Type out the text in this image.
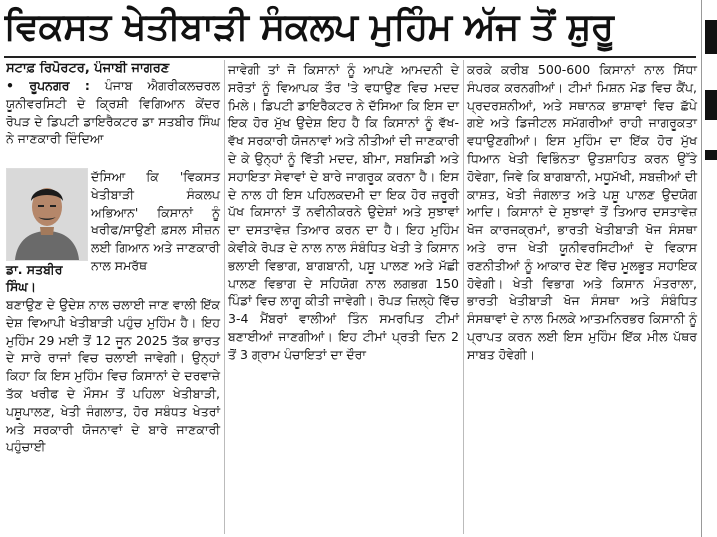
ਵਿਕਸਤ ਖੇਤੀਬਾੜੀ ਸੰਕਲਪ ਮੁਹਿੰਮ ਅੱਜ ਤੋਂ ਸ਼ੁਰੂ
ਸਟਾਫ਼ ਰਿਪੋਰਟਰ, ਪੰਜਾਬੀ ਜਾਗਰਣ

• ਰੂਪਨਗਰ : ਪੰਜਾਬ ਐਗਰੀਕਲਚਰਲ ਯੂਨੀਵਰਸਿਟੀ ਦੇ ਕ੍ਰਿਸ਼ੀ ਵਿਗਿਆਨ ਕੇਂਦਰ ਰੋਪੜ ਦੇ ਡਿਪਟੀ ਡਾਇਰੈਕਟਰ ਡਾ ਸਤਬੀਰ ਸਿੰਘ ਨੇ ਜਾਣਕਾਰੀ ਦਿੰਦਿਆ

ਡਾ. ਸਤਬੀਰ ਸਿੰਘ।

ਦੱਸਿਆ ਕਿ 'ਵਿਕਸਤ ਖੇਤੀਬਾੜੀ ਸੰਕਲਪ ਅਭਿਆਨ' ਕਿਸਾਨਾਂ ਨੂੰ ਖਰੀਫ/ਸਾਉਣੀ ਫ਼ਸਲ ਸੀਜ਼ਨ ਲਈ ਗਿਆਨ ਅਤੇ ਜਾਣਕਾਰੀ ਨਾਲ ਸਮਰੱਥ

ਬਣਾਉਣ ਦੇ ਉਦੇਸ਼ ਨਾਲ ਚਲਾਈ ਜਾਣ ਵਾਲੀ ਇੱਕ ਦੇਸ਼ ਵਿਆਪੀ ਖੇਤੀਬਾੜੀ ਪਹੁੰਚ ਮੁਹਿੰਮ ਹੈ। ਇਹ ਮੁਹਿੰਮ 29 ਮਈ ਤੋਂ 12 ਜੂਨ 2025 ਤੱਕ ਭਾਰਤ ਦੇ ਸਾਰੇ ਰਾਜਾਂ ਵਿਚ ਚਲਾਈ ਜਾਵੇਗੀ। ਉਨ੍ਹਾਂ ਕਿਹਾ ਕਿ ਇਸ ਮੁਹਿੰਮ ਵਿਚ ਕਿਸਾਨਾਂ ਦੇ ਦਰਵਾਜ਼ੇ ਤੱਕ ਖਰੀਫ ਦੇ ਮੌਸਮ ਤੋਂ ਪਹਿਲਾ ਖੇਤੀਬਾੜੀ, ਪਸ਼ੂਪਾਲਣ, ਖੇਤੀ ਜੰਗਲਾਤ, ਹੋਰ ਸਬੰਧਤ ਖੇਤਰਾਂ ਅਤੇ ਸਰਕਾਰੀ ਯੋਜਨਾਵਾਂ ਦੇ ਬਾਰੇ ਜਾਣਕਾਰੀ ਪਹੁੰਚਾਈ

ਜਾਵੇਗੀ ਤਾਂ ਜੋ ਕਿਸਾਨਾਂ ਨੂੰ ਆਪਣੇ ਆਮਦਨੀ ਦੇ ਸਰੋਤਾਂ ਨੂੰ ਵਿਆਪਕ ਤੌਰ 'ਤੇ ਵਧਾਉਣ ਵਿਚ ਮਦਦ ਮਿਲੇ। ਡਿਪਟੀ ਡਾਇਰੈਕਟਰ ਨੇ ਦੱਸਿਆ ਕਿ ਇਸ ਦਾ ਇਕ ਹੋਰ ਮੁੱਖ ਉਦੇਸ਼ ਇਹ ਹੈ ਕਿ ਕਿਸਾਨਾਂ ਨੂੰ ਵੱਖ-ਵੱਖ ਸਰਕਾਰੀ ਯੋਜਨਾਵਾਂ ਅਤੇ ਨੀਤੀਆਂ ਦੀ ਜਾਣਕਾਰੀ ਦੇ ਕੇ ਉਨ੍ਹਾਂ ਨੂੰ ਵਿੱਤੀ ਮਦਦ, ਬੀਮਾ, ਸਬਸਿਡੀ ਅਤੇ ਸਹਾਇਤਾ ਸੇਵਾਵਾਂ ਦੇ ਬਾਰੇ ਜਾਗਰੂਕ ਕਰਨਾ ਹੈ। ਇਸ ਦੇ ਨਾਲ ਹੀ ਇਸ ਪਹਿਲਕਦਮੀ ਦਾ ਇਕ ਹੋਰ ਜ਼ਰੂਰੀ ਪੱਖ ਕਿਸਾਨਾਂ ਤੋਂ ਨਵੀਨੀਕਰਨੇ ਉਦੇਸ਼ਾਂ ਅਤੇ ਸੁਝਾਵਾਂ ਦਾ ਦਸਤਾਵੇਜ਼ ਤਿਆਰ ਕਰਨ ਦਾ ਹੈ। ਇਹ ਮੁਹਿੰਮ ਕੇਵੀਕੇ ਰੋਪੜ ਦੇ ਨਾਲ ਨਾਲ ਸੰਬੰਧਿਤ ਖੇਤੀ ਤੇ ਕਿਸਾਨ ਭਲਾਈ ਵਿਭਾਗ, ਬਾਗਬਾਨੀ, ਪਸ਼ੂ ਪਾਲਣ ਅਤੇ ਮੱਛੀ ਪਾਲਣ ਵਿਭਾਗ ਦੇ ਸਹਿਯੋਗ ਨਾਲ ਲਗਭਗ 150 ਪਿੰਡਾਂ ਵਿਚ ਲਾਗੂ ਕੀਤੀ ਜਾਵੇਗੀ। ਰੋਪੜ ਜ਼ਿਲ੍ਹੇ ਵਿੱਚ 3-4 ਮੈਂਬਰਾਂ ਵਾਲੀਆਂ ਤਿੰਨ ਸਮਰਪਿਤ ਟੀਮਾਂ ਬਣਾਈਆਂ ਜਾਣਗੀਆਂ। ਇਹ ਟੀਮਾਂ ਪ੍ਰਤੀ ਦਿਨ 2 ਤੋਂ 3 ਗ੍ਰਾਮ ਪੰਚਾਇਤਾਂ ਦਾ ਦੌਰਾ

ਕਰਕੇ ਕਰੀਬ 500-600 ਕਿਸਾਨਾਂ ਨਾਲ ਸਿੱਧਾ ਸੰਪਰਕ ਕਰਨਗੀਆਂ। ਟੀਮਾਂ ਮਿਸ਼ਨ ਮੋਡ ਵਿਚ ਕੈਂਪ, ਪ੍ਰਦਰਸ਼ਨੀਆਂ, ਅਤੇ ਸਥਾਨਕ ਭਾਸ਼ਾਵਾਂ ਵਿਚ ਛੱਪੇ ਗਏ ਅਤੇ ਡਿਜੀਟਲ ਸਮੱਗਰੀਆਂ ਰਾਹੀ ਜਾਗਰੂਕਤਾ ਵਧਾਉਣਗੀਆਂ। ਇਸ ਮੁਹਿੰਮ ਦਾ ਇੱਕ ਹੋਰ ਮੁੱਖ ਧਿਆਨ ਖੇਤੀ ਵਿਭਿੰਨਤਾ ਉਤਸ਼ਾਹਿਤ ਕਰਨ ਉੱਤੇ ਹੋਵੇਗਾ, ਜਿਵੇ ਕਿ ਬਾਗਬਾਨੀ, ਮਧੂਮੱਖੀ, ਸਬਜ਼ੀਆਂ ਦੀ ਕਾਸ਼ਤ, ਖੇਤੀ ਜੰਗਲਾਤ ਅਤੇ ਪਸ਼ੂ ਪਾਲਣ ਉਦਯੋਗ ਆਦਿ। ਕਿਸਾਨਾਂ ਦੇ ਸੁਝਾਵਾਂ ਤੋਂ ਤਿਆਰ ਦਸਤਾਵੇਜ਼ ਖੋਜ ਕਾਰਜਕ੍ਰਮਾਂ, ਭਾਰਤੀ ਖੇਤੀਬਾੜੀ ਖੋਜ ਸੰਸਥਾ ਅਤੇ ਰਾਜ ਖੇਤੀ ਯੂਨੀਵਰਸਿਟੀਆਂ ਦੇ ਵਿਕਾਸ ਰਣਨੀਤੀਆਂ ਨੂੰ ਆਕਾਰ ਦੇਣ ਵਿੱਚ ਮੂਲਭੂਤ ਸਹਾਇਕ ਹੋਵੇਗੀ। ਖੇਤੀ ਵਿਭਾਗ ਅਤੇ ਕਿਸਾਨ ਮੰਤਰਾਲਾ, ਭਾਰਤੀ ਖੇਤੀਬਾੜੀ ਖੋਜ ਸੰਸਥਾ ਅਤੇ ਸੰਬੰਧਿਤ ਸੰਸਥਾਵਾਂ ਦੇ ਨਾਲ ਮਿਲਕੇ ਆਤਮਨਿਰਭਰ ਕਿਸਾਨੀ ਨੂੰ ਪ੍ਰਾਪਤ ਕਰਨ ਲਈ ਇਸ ਮੁਹਿੰਮ ਇੱਕ ਮੀਲ ਪੱਥਰ ਸਾਬਤ ਹੋਵੇਗੀ।
